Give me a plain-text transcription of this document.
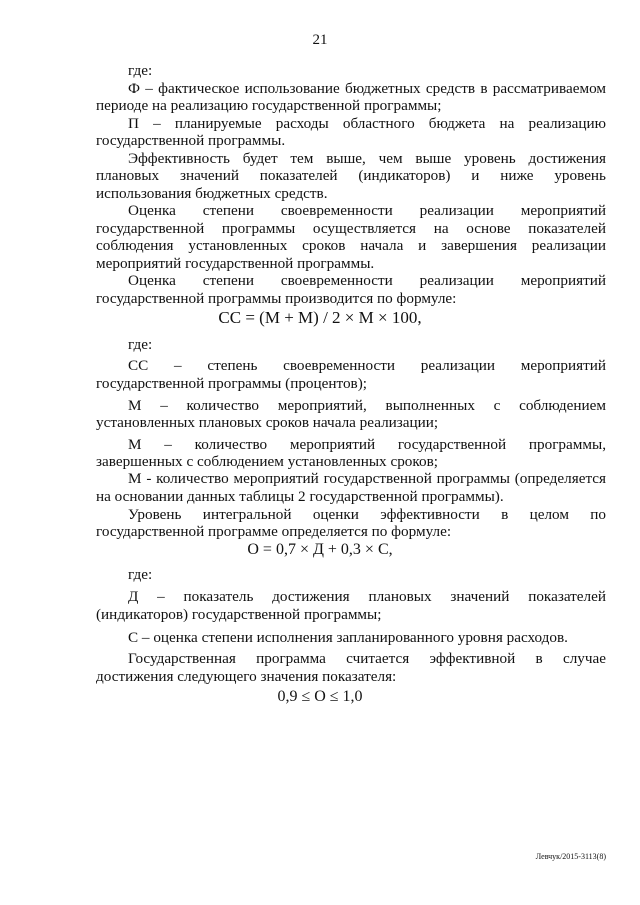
21

где:

Ф – фактическое использование бюджетных средств в рассматриваемом

периоде на реализацию государственной программы;

П – планируемые расходы областного бюджета на реализацию

государственной программы.

Эффективность будет тем выше, чем выше уровень достижения

плановых значений показателей (индикаторов) и ниже уровень

использования бюджетных средств.

Оценка степени своевременности реализации мероприятий

государственной программы осуществляется на основе показателей

соблюдения установленных сроков начала и завершения реализации

мероприятий государственной программы.

Оценка степени своевременности реализации мероприятий

государственной программы производится по формуле:

СС = (М + М) / 2 × М × 100,

где:

СС – степень своевременности реализации мероприятий

государственной программы (процентов);

М – количество мероприятий, выполненных с соблюдением

установленных плановых сроков начала реализации;

М – количество мероприятий государственной программы,

завершенных с соблюдением установленных сроков;

М - количество мероприятий государственной программы (определяется

на основании данных таблицы 2 государственной программы).

Уровень интегральной оценки эффективности в целом по

государственной программе определяется по формуле:

О = 0,7 × Д + 0,3 × С,

где:

Д – показатель достижения плановых значений показателей

(индикаторов) государственной программы;

С – оценка степени исполнения запланированного уровня расходов.

Государственная программа считается эффективной в случае

достижения следующего значения показателя:

0,9 ≤ О ≤ 1,0
Левчук/2015-3113(8)
